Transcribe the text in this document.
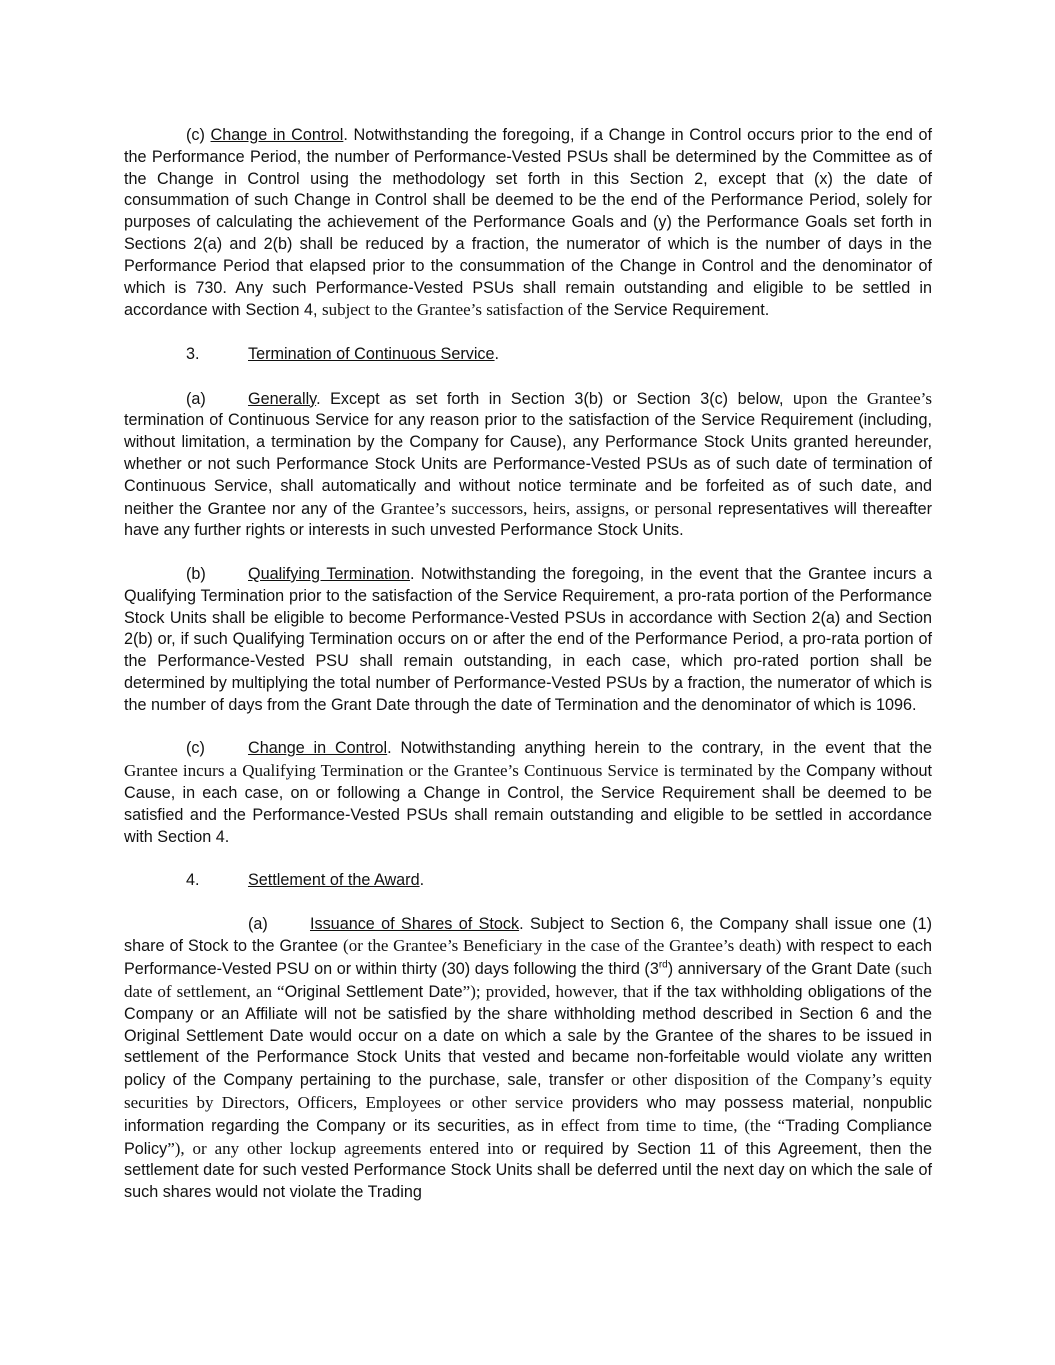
(c) Change in Control. Notwithstanding the foregoing, if a Change in Control occurs prior to the end of the Performance Period, the number of Performance-Vested PSUs shall be determined by the Committee as of the Change in Control using the methodology set forth in this Section 2, except that (x) the date of consummation of such Change in Control shall be deemed to be the end of the Performance Period, solely for purposes of calculating the achievement of the Performance Goals and (y) the Performance Goals set forth in Sections 2(a) and 2(b) shall be reduced by a fraction, the numerator of which is the number of days in the Performance Period that elapsed prior to the consummation of the Change in Control and the denominator of which is 730. Any such Performance-Vested PSUs shall remain outstanding and eligible to be settled in accordance with Section 4, subject to the Grantee’s satisfaction of the Service Requirement.

3.	Termination of Continuous Service.

(a)	Generally. Except as set forth in Section 3(b) or Section 3(c) below, upon the Grantee’s termination of Continuous Service for any reason prior to the satisfaction of the Service Requirement (including, without limitation, a termination by the Company for Cause), any Performance Stock Units granted hereunder, whether or not such Performance Stock Units are Performance-Vested PSUs as of such date of termination of Continuous Service, shall automatically and without notice terminate and be forfeited as of such date, and neither the Grantee nor any of the Grantee’s successors, heirs, assigns, or personal representatives will thereafter have any further rights or interests in such unvested Performance Stock Units.

(b)	Qualifying Termination. Notwithstanding the foregoing, in the event that the Grantee incurs a Qualifying Termination prior to the satisfaction of the Service Requirement, a pro-rata portion of the Performance Stock Units shall be eligible to become Performance-Vested PSUs in accordance with Section 2(a) and Section 2(b) or, if such Qualifying Termination occurs on or after the end of the Performance Period, a pro-rata portion of the Performance-Vested PSU shall remain outstanding, in each case, which pro-rated portion shall be determined by multiplying the total number of Performance-Vested PSUs by a fraction, the numerator of which is the number of days from the Grant Date through the date of Termination and the denominator of which is 1096.

(c)	Change in Control. Notwithstanding anything herein to the contrary, in the event that the Grantee incurs a Qualifying Termination or the Grantee’s Continuous Service is terminated by the Company without Cause, in each case, on or following a Change in Control, the Service Requirement shall be deemed to be satisfied and the Performance-Vested PSUs shall remain outstanding and eligible to be settled in accordance with Section 4.

4.	Settlement of the Award.

(a)	Issuance of Shares of Stock. Subject to Section 6, the Company shall issue one (1) share of Stock to the Grantee (or the Grantee’s Beneficiary in the case of the Grantee’s death) with respect to each Performance-Vested PSU on or within thirty (30) days following the third (3rd) anniversary of the Grant Date (such date of settlement, an “Original Settlement Date”); provided, however, that if the tax withholding obligations of the Company or an Affiliate will not be satisfied by the share withholding method described in Section 6 and the Original Settlement Date would occur on a date on which a sale by the Grantee of the shares to be issued in settlement of the Performance Stock Units that vested and became non-forfeitable would violate any written policy of the Company pertaining to the purchase, sale, transfer or other disposition of the Company’s equity securities by Directors, Officers, Employees or other service providers who may possess material, nonpublic information regarding the Company or its securities, as in effect from time to time, (the “Trading Compliance Policy”), or any other lockup agreements entered into or required by Section 11 of this Agreement, then the settlement date for such vested Performance Stock Units shall be deferred until the next day on which the sale of such shares would not violate the Trading
